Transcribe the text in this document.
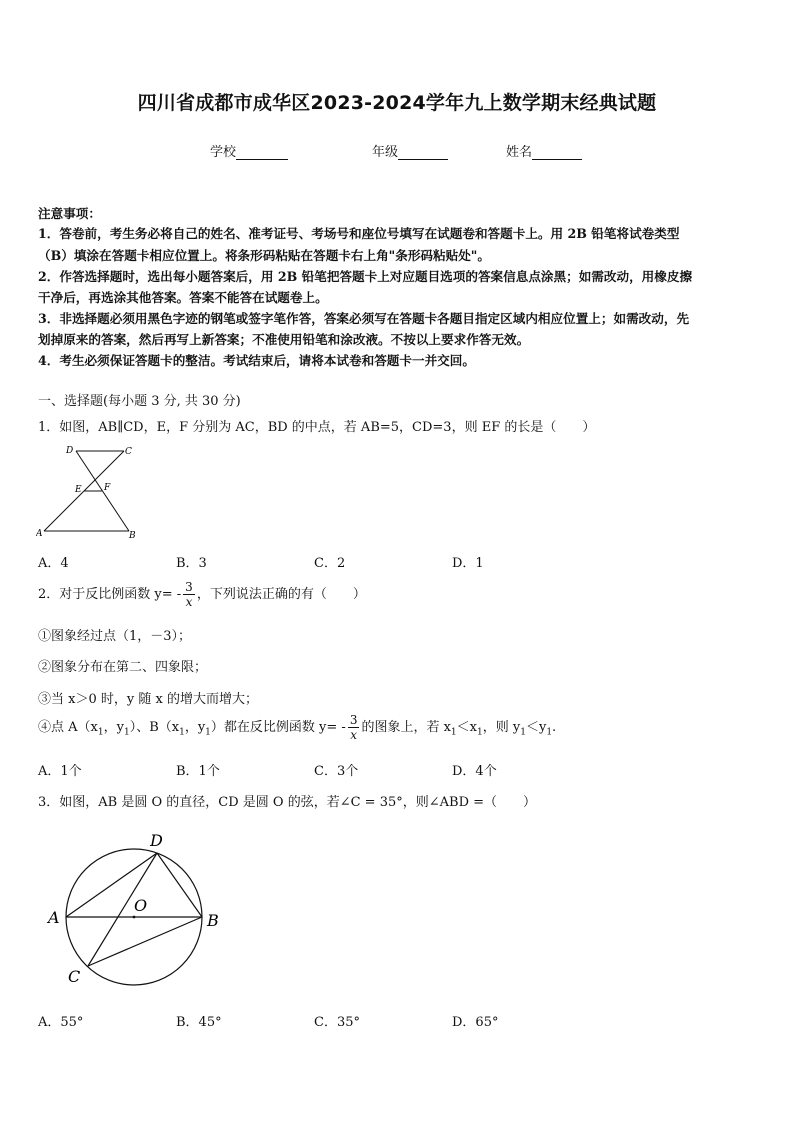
四川省成都市成华区2023-2024学年九上数学期末经典试题
学校	年级	姓名
注意事项：
1．答卷前，考生务必将自己的姓名、准考证号、考场号和座位号填写在试题卷和答题卡上。用 2B 铅笔将试卷类型
（B）填涂在答题卡相应位置上。将条形码粘贴在答题卡右上角"条形码粘贴处"。
2．作答选择题时，选出每小题答案后，用 2B 铅笔把答题卡上对应题目选项的答案信息点涂黑；如需改动，用橡皮擦
干净后，再选涂其他答案。答案不能答在试题卷上。
3．非选择题必须用黑色字迹的钢笔或签字笔作答，答案必须写在答题卡各题目指定区域内相应位置上；如需改动，先
划掉原来的答案，然后再写上新答案；不准使用铅笔和涂改液。不按以上要求作答无效。
4．考生必须保证答题卡的整洁。考试结束后，请将本试卷和答题卡一并交回。
一、选择题(每小题 3 分, 共 30 分)
1．如图，AB∥CD，E，F 分别为 AC，BD 的中点，若 AB=5，CD=3，则 EF 的长是（　　）
D	C
E F
A	B
A．4	B．3	C．2	D．1
2．对于反比例函数 $y= - \frac{3}{x}$ ，下列说法正确的有（　　）
①图象经过点（1，－3）；
②图象分布在第二、四象限；
③当 x＞0 时，y 随 x 的增大而增大；
④点 $A(x_1$，$y_1$）、$B(x_1$，$y_1$）都在反比例函数 $y= - \frac{3}{x}$ 的图象上，若 $x_1<x_1$，则 $y_1<y_1$.
A．1个	B．1个	C．3个	D．4个
3．如图，AB 是圆 O 的直径，CD 是圆 O 的弦，若∠C = 35°，则∠ABD =（　　）
D
O
A	B
C
A．55°	B．45°	C．35°	D．65°
